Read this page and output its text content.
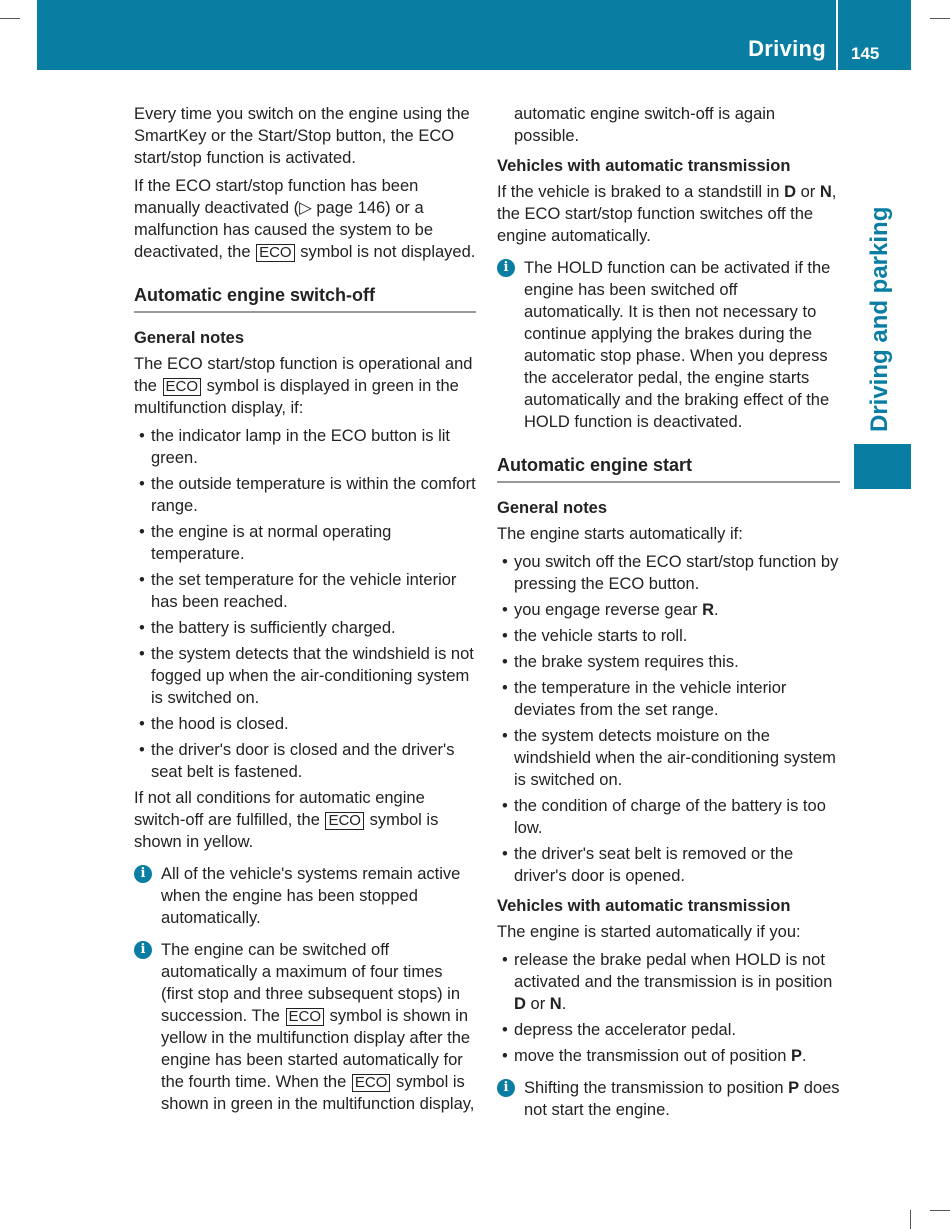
Driving 145
Driving and parking

Every time you switch on the engine using the SmartKey or the Start/Stop button, the ECO start/stop function is activated.

If the ECO start/stop function has been manually deactivated (▷ page 146) or a malfunction has caused the system to be deactivated, the ECO symbol is not displayed.

Automatic engine switch-off
General notes

The ECO start/stop function is operational and the ECO symbol is displayed in green in the multifunction display, if:

• the indicator lamp in the ECO button is lit green.
• the outside temperature is within the comfort range.
• the engine is at normal operating temperature.
• the set temperature for the vehicle interior has been reached.
• the battery is sufficiently charged.
• the system detects that the windshield is not fogged up when the air-conditioning system is switched on.
• the hood is closed.
• the driver's door is closed and the driver's seat belt is fastened.

If not all conditions for automatic engine switch-off are fulfilled, the ECO symbol is shown in yellow.

i All of the vehicle's systems remain active when the engine has been stopped automatically.
i The engine can be switched off automatically a maximum of four times (first stop and three subsequent stops) in succession. The ECO symbol is shown in yellow in the multifunction display after the engine has been started automatically for the fourth time. When the ECO symbol is shown in green in the multifunction display,

automatic engine switch-off is again possible.

Vehicles with automatic transmission

If the vehicle is braked to a standstill in D or N, the ECO start/stop function switches off the engine automatically.

i The HOLD function can be activated if the engine has been switched off automatically. It is then not necessary to continue applying the brakes during the automatic stop phase. When you depress the accelerator pedal, the engine starts automatically and the braking effect of the HOLD function is deactivated.
Automatic engine start
General notes

The engine starts automatically if:

• you switch off the ECO start/stop function by pressing the ECO button.
• you engage reverse gear R.
• the vehicle starts to roll.
• the brake system requires this.
• the temperature in the vehicle interior deviates from the set range.
• the system detects moisture on the windshield when the air-conditioning system is switched on.
• the condition of charge of the battery is too low.
• the driver's seat belt is removed or the driver's door is opened.
Vehicles with automatic transmission

The engine is started automatically if you:

• release the brake pedal when HOLD is not activated and the transmission is in position D or N.
• depress the accelerator pedal.
• move the transmission out of position P.
i Shifting the transmission to position P does not start the engine.
